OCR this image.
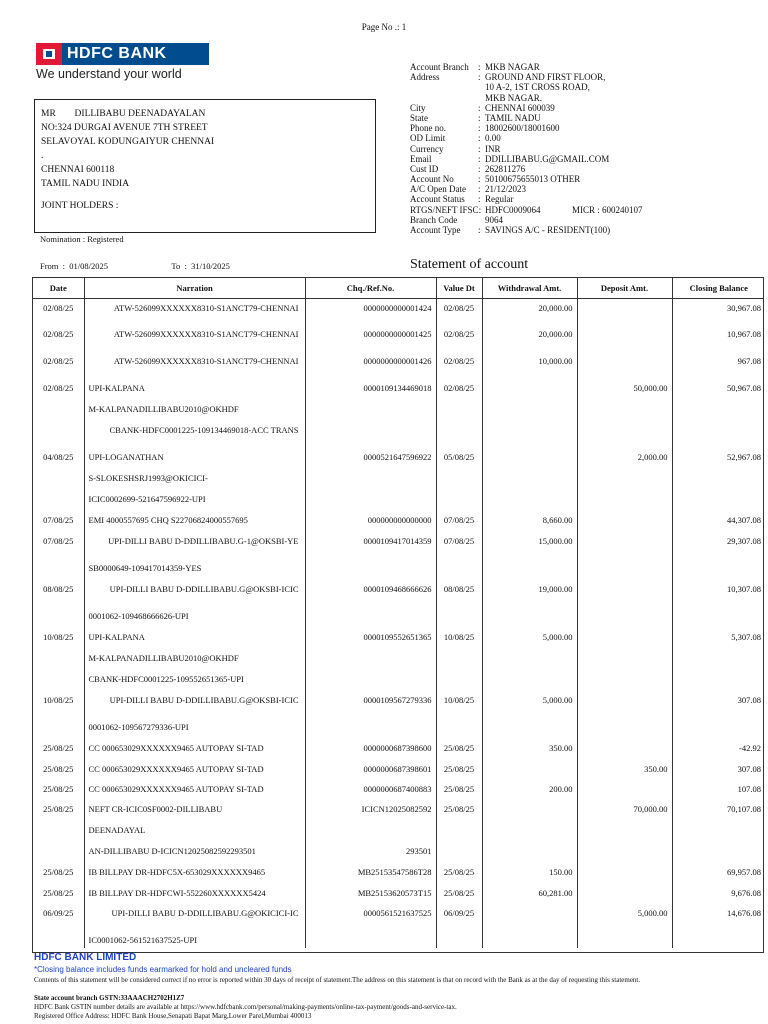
Page No .: 1
HDFC BANK
We understand your world
MR DILLIBABU DEENADAYALAN
NO:324 DURGAI AVENUE 7TH STREET
SELAVOYAL KODUNGAIYUR CHENNAI
.
CHENNAI 600118
TAMIL NADU INDIA
JOINT HOLDERS :
Nomination : Registered
Account Branch :  MKB NAGAR
Address	:  GROUND AND FIRST FLOOR,
10 A-2, 1ST CROSS ROAD,
MKB NAGAR.
City	:  CHENNAI 600039
State	:  TAMIL NADU
Phone no.	:  18002600/18001600
OD Limit	:  0.00
Currency	:  INR
Email	:  DDILLIBABU.G@GMAIL.COM
Cust ID	:  262811276
Account No	:  50100675655013 OTHER
A/C Open Date :  21/12/2023
Account Status :  Regular
RTGS/NEFT IFSC: HDFC0009064	MICR : 600240107
Branch Code	9064
Account Type :  SAVINGS A/C - RESIDENT(100)
From  :  01/08/2025	To  :  31/10/2025	Statement of account
Date	Narration	Chq./Ref.No.	Value Dt	Withdrawal Amt.	Deposit Amt.	Closing Balance
02/08/25	ATW-526099XXXXXX8310-S1ANCT79-CHENNAI	0000000000001424	02/08/25	20,000.00		30,967.08
02/08/25	ATW-526099XXXXXX8310-S1ANCT79-CHENNAI	0000000000001425	02/08/25	20,000.00		10,967.08
02/08/25	ATW-526099XXXXXX8310-S1ANCT79-CHENNAI	0000000000001426	02/08/25	10,000.00		967.08
02/08/25	UPI-KALPANA	0000109134469018	02/08/25		50,000.00	50,967.08
	M-KALPANADILLIBABU2010@OKHDF					
	CBANK-HDFC0001225-109134469018-ACC TRANS					
04/08/25	UPI-LOGANATHAN	0000521647596922	05/08/25		2,000.00	52,967.08
	S-SLOKESHSRJ1993@OKICICI-					
	ICIC0002699-521647596922-UPI					
07/08/25	EMI 4000557695 CHQ S22706824000557695	000000000000000	07/08/25	8,660.00		44,307.08
07/08/25	UPI-DILLI BABU D-DDILLIBABU.G-1@OKSBI-YE	0000109417014359	07/08/25	15,000.00		29,307.08
	SB0000649-109417014359-YES					
08/08/25	UPI-DILLI BABU D-DDILLIBABU.G@OKSBI-ICIC	0000109468666626	08/08/25	19,000.00		10,307.08
	0001062-109468666626-UPI					
10/08/25	UPI-KALPANA	0000109552651365	10/08/25	5,000.00		5,307.08
	M-KALPANADILLIBABU2010@OKHDF					
	CBANK-HDFC0001225-109552651365-UPI					
10/08/25	UPI-DILLI BABU D-DDILLIBABU.G@OKSBI-ICIC	0000109567279336	10/08/25	5,000.00		307.08
	0001062-109567279336-UPI					
25/08/25	CC 000653029XXXXXX9465 AUTOPAY SI-TAD	0000000687398600	25/08/25	350.00		-42.92
25/08/25	CC 000653029XXXXXX9465 AUTOPAY SI-TAD	0000000687398601	25/08/25		350.00	307.08
25/08/25	CC 000653029XXXXXX9465 AUTOPAY SI-TAD	0000000687400883	25/08/25	200.00		107.08
25/08/25	NEFT CR-ICIC0SF0002-DILLIBABU	ICICN12025082592	25/08/25		70,000.00	70,107.08
	DEENADAYAL					
	AN-DILLIBABU D-ICICN12025082592293501	293501				
25/08/25	IB BILLPAY DR-HDFC5X-653029XXXXXX9465	MB25153547586T28	25/08/25	150.00		69,957.08
25/08/25	IB BILLPAY DR-HDFCWI-552260XXXXXX5424	MB25153620573T15	25/08/25	60,281.00		9,676.08
06/09/25	UPI-DILLI BABU D-DDILLIBABU.G@OKICICI-IC	0000561521637525	06/09/25		5,000.00	14,676.08
	IC0001062-561521637525-UPI					
HDFC BANK LIMITED
*Closing balance includes funds earmarked for hold and uncleared funds
Contents of this statement will be considered correct if no error is reported within 30 days of receipt of statement.The address on this statement is that on record with the Bank as at the day of requesting this statement.
State account branch GSTN:33AAACH2702H1Z7
HDFC Bank GSTIN number details are available at https://www.hdfcbank.com/personal/making-payments/online-tax-payment/goods-and-service-tax.
Registered Office Address: HDFC Bank House,Senapati Bapat Marg,Lower Parel,Mumbai 400013
